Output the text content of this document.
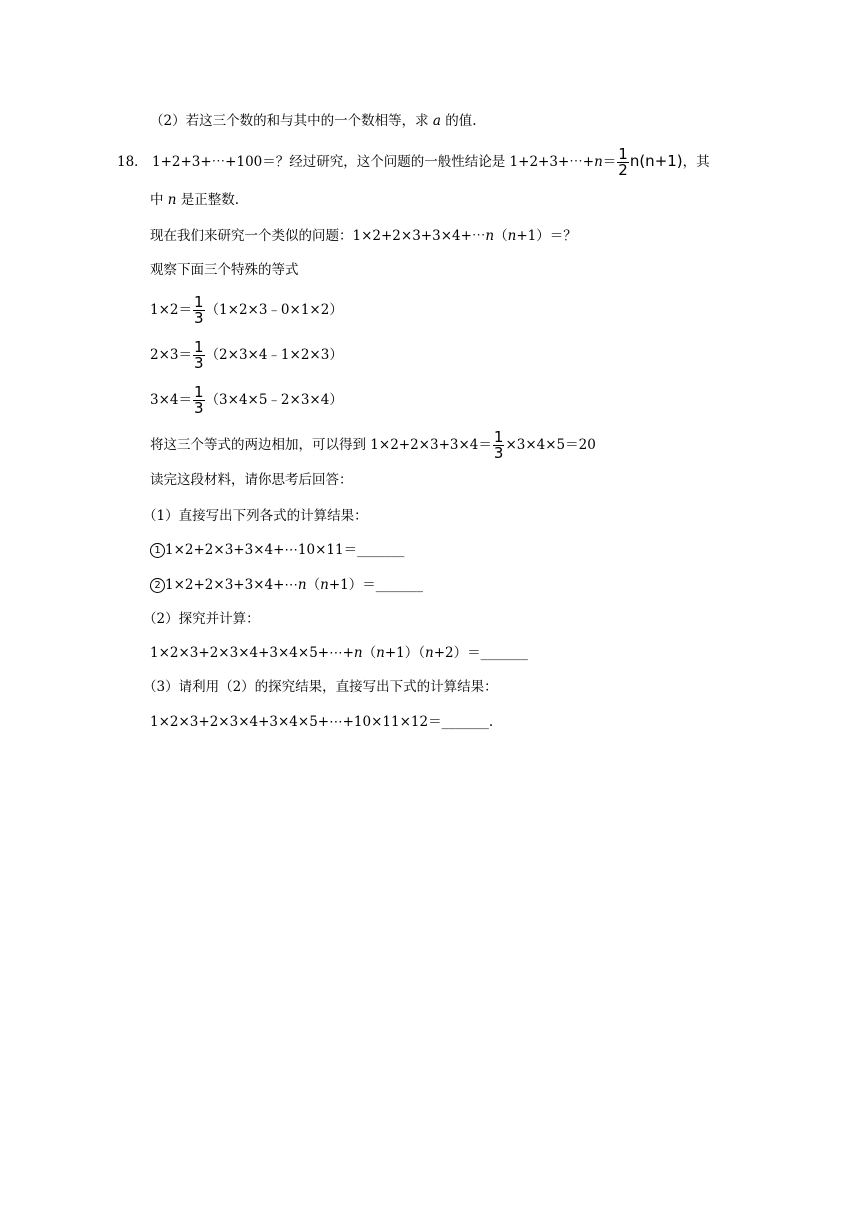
（2）若这三个数的和与其中的一个数相等，求 a 的值.
18． 1+2+3+⋯+100＝？经过研究，这个问题的一般性结论是 1+2+3+⋯+n＝ $\frac{1}{2} n(n+1)$，其
中 n 是正整数.
现在我们来研究一个类似的问题：1×2+2×3+3×4+⋯n（n+1）＝？
观察下面三个特殊的等式
$1\times 2= \frac{1}{3}$ （1×2×3﹣0×1×2）
$2\times 3= \frac{1}{3}$ （2×3×4﹣1×2×3）
$3\times 4= \frac{1}{3}$ （3×4×5﹣2×3×4）
将这三个等式的两边相加，可以得到 $1\times 2+2\times 3+3\times 4= \frac{1}{3} \times 3\times 4\times 5=20$
读完这段材料，请你思考后回答：
（1）直接写出下列各式的计算结果：
1 1×2+2×3+3×4+⋯10×11＝_______
2 1×2+2×3+3×4+⋯n（n+1）＝_______
（2）探究并计算：
1×2×3+2×3×4+3×4×5+⋯+n（n+1）（n+2）＝_______
（3）请利用（2）的探究结果，直接写出下式的计算结果：
1×2×3+2×3×4+3×4×5+⋯+10×11×12＝_______.
